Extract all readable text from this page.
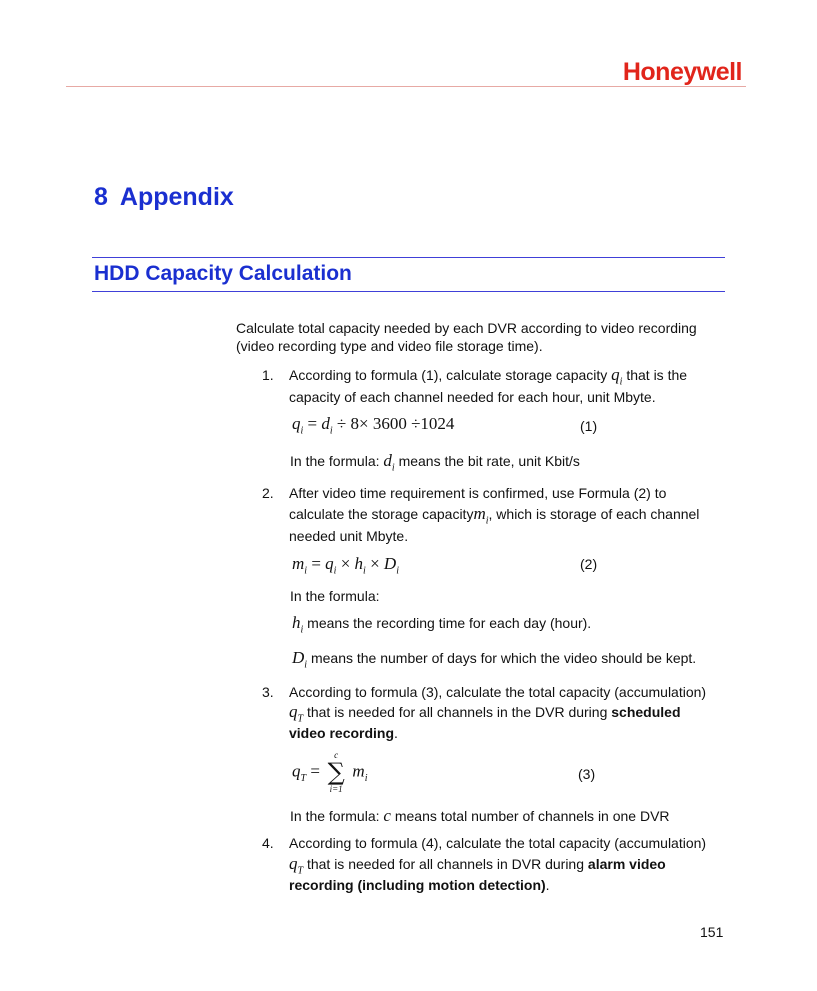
Honeywell
8 Appendix
HDD Capacity Calculation
Calculate total capacity needed by each DVR according to video recording
(video recording type and video file storage time).
1. According to formula (1), calculate storage capacity $q_i$ that is the
capacity of each channel needed for each hour, unit Mbyte.
$q_i = d_i \div 8\times 3600 \div 1024$	(1)
In the formula: $d_i$ means the bit rate, unit Kbit/s
2. After video time requirement is confirmed, use Formula (2) to
calculate the storage capacitym$_i$, which is storage of each channel
needed unit Mbyte.
$m_i = q_i \times h_i \times D_i$	(2)
In the formula:
$h_i$ means the recording time for each day (hour).
$D_i$ means the number of days for which the video should be kept.
3. According to formula (3), calculate the total capacity (accumulation)
$q_T$ that is needed for all channels in the DVR during scheduled
video recording.
$q_T$ =
c
∑
i=1
$m_i$	(3)
In the formula: c means total number of channels in one DVR
4. According to formula (4), calculate the total capacity (accumulation)
$q_T$ that is needed for all channels in DVR during alarm video
recording (including motion detection).
151
